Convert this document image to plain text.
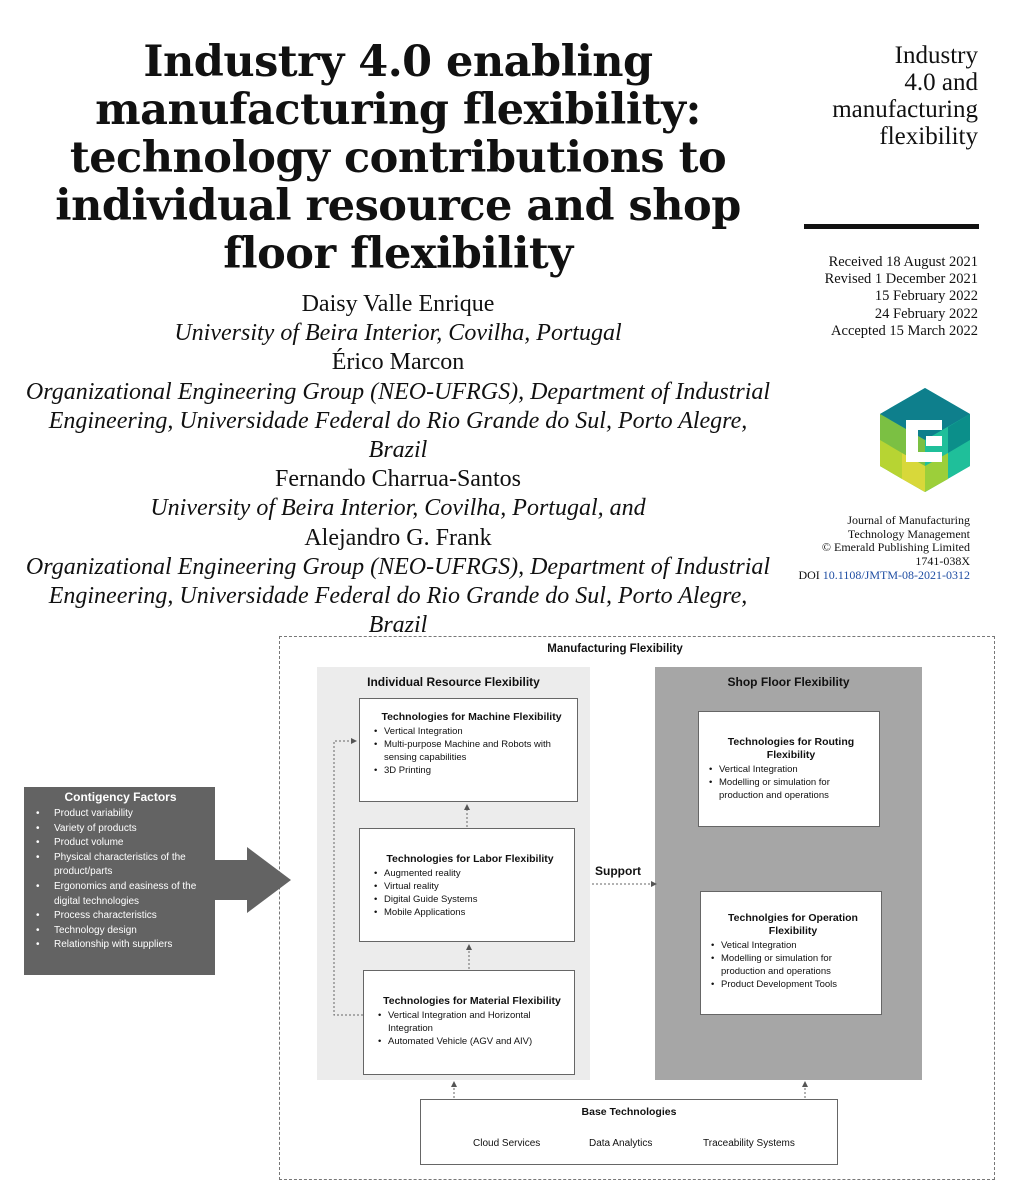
Industry 4.0 enabling
manufacturing flexibility:
technology contributions to
individual resource and shop
floor flexibility
Industry
4.0 and
manufacturing
flexibility
Received 18 August 2021
Revised 1 December 2021
15 February 2022
24 February 2022
Accepted 15 March 2022
Journal of Manufacturing
Technology Management
© Emerald Publishing Limited
1741-038X
DOI 10.1108/JMTM-08-2021-0312
Daisy Valle Enrique
University of Beira Interior, Covilha, Portugal
Érico Marcon
Organizational Engineering Group (NEO-UFRGS), Department of Industrial
Engineering, Universidade Federal do Rio Grande do Sul, Porto Alegre, Brazil
Fernando Charrua-Santos
University of Beira Interior, Covilha, Portugal, and
Alejandro G. Frank
Organizational Engineering Group (NEO-UFRGS), Department of Industrial
Engineering, Universidade Federal do Rio Grande do Sul, Porto Alegre, Brazil
Manufacturing Flexibility
Individual Resource Flexibility	Shop Floor Flexibility
Technologies for Machine Flexibility
• Vertical Integration
• Multi-purpose Machine and Robots with sensing capabilities
• 3D Printing
Technologies for Labor Flexibility
• Augmented reality
• Virtual reality
• Digital Guide Systems
• Mobile Applications
Technologies for Material Flexibility
• Vertical Integration and Horizontal Integration
• Automated Vehicle (AGV and AIV)
Technologies for Routing Flexibility
• Vertical Integration
• Modelling or simulation for production and operations
Technolgies for Operation Flexibility
• Vetical Integration
• Modelling or simulation for production and operations
• Product Development Tools
Contigency Factors
• Product variability
• Variety of products
• Product volume
• Physical characteristics of the product/parts
• Ergonomics and easiness of the digital technologies
• Process characteristics
• Technology design
• Relationship with suppliers
Support
Base Technologies
Cloud Services	Data Analytics	Traceability Systems
